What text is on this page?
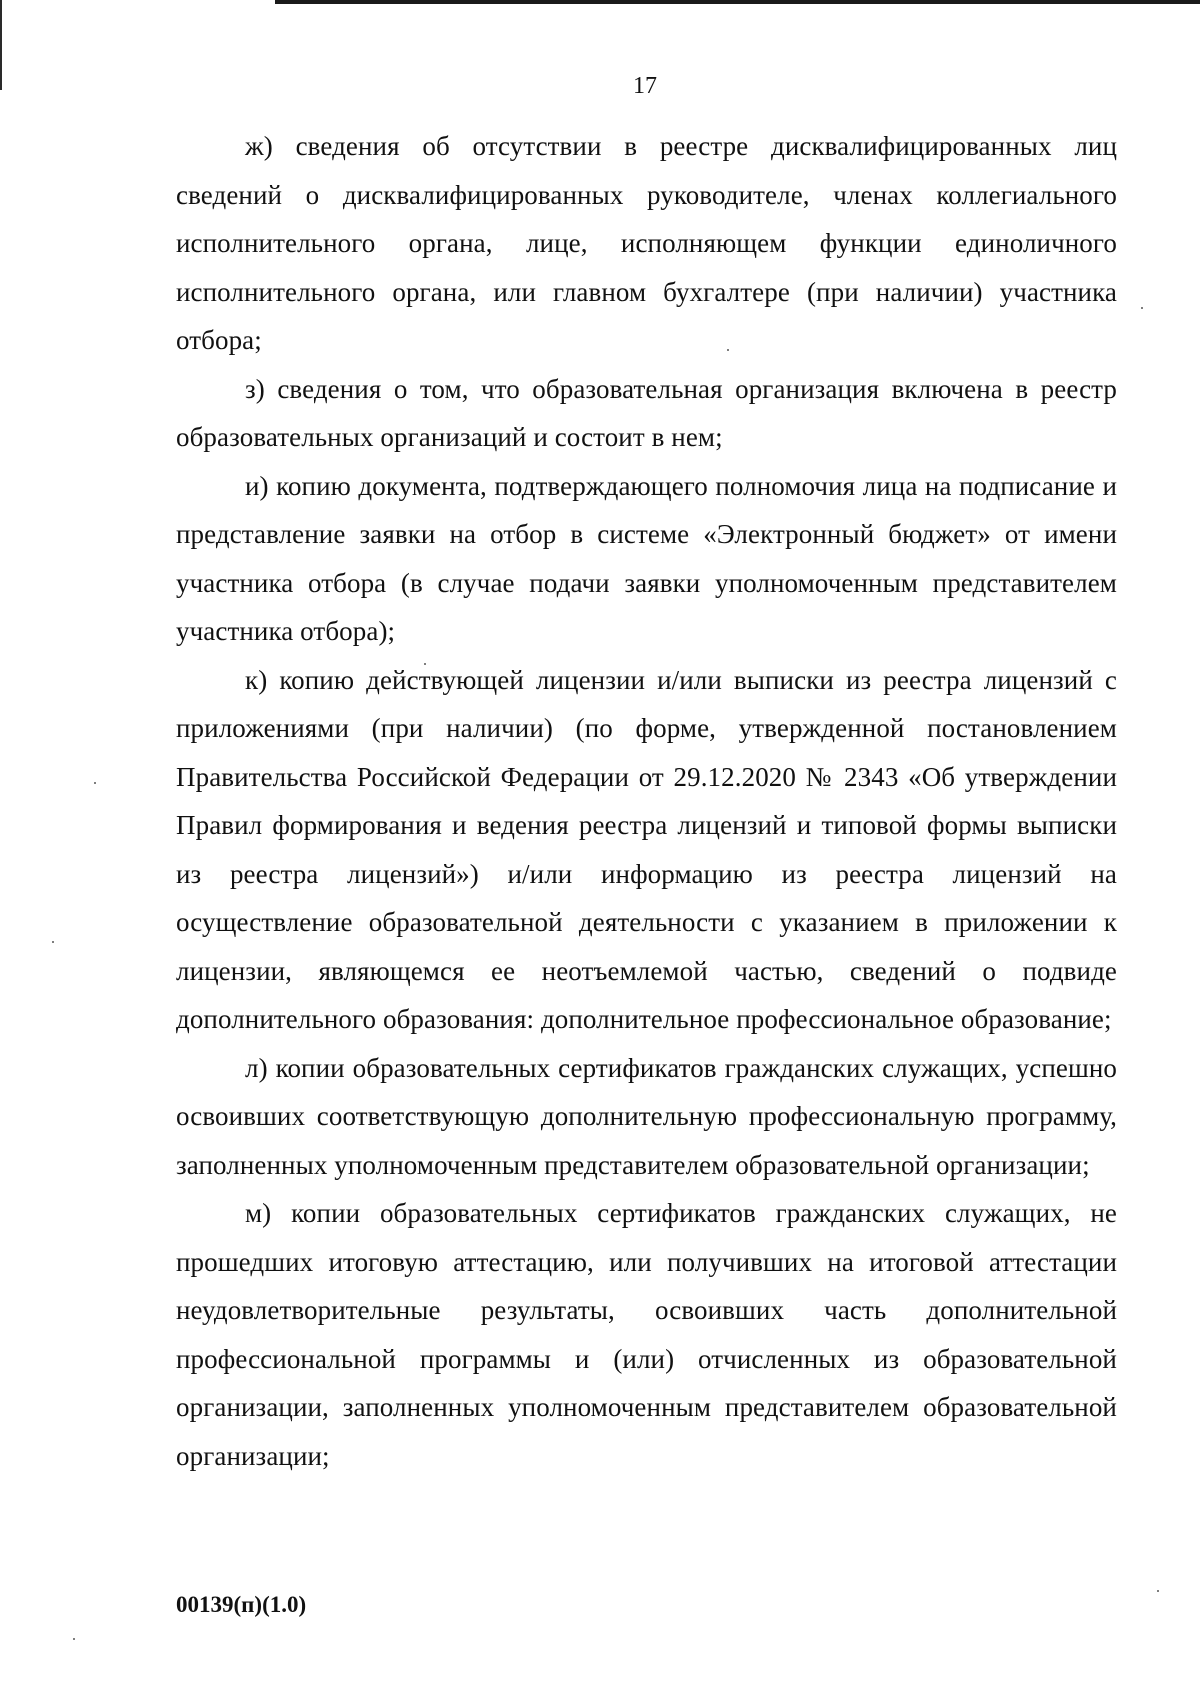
17

ж) сведения об отсутствии в реестре дисквалифицированных лиц сведений о дисквалифицированных руководителе, членах коллегиального исполнительного органа, лице, исполняющем функции единоличного исполнительного органа, или главном бухгалтере (при наличии) участника отбора;

з) сведения о том, что образовательная организация включена в реестр образовательных организаций и состоит в нем;

и) копию документа, подтверждающего полномочия лица на подписание и представление заявки на отбор в системе «Электронный бюджет» от имени участника отбора (в случае подачи заявки уполномоченным представителем участника отбора);

к) копию действующей лицензии и/или выписки из реестра лицензий с приложениями (при наличии) (по форме, утвержденной постановлением Правительства Российской Федерации от 29.12.2020 № 2343 «Об утверждении Правил формирования и ведения реестра лицензий и типовой формы выписки из реестра лицензий») и/или информацию из реестра лицензий на осуществление образовательной деятельности с указанием в приложении к лицензии, являющемся ее неотъемлемой частью, сведений о подвиде дополнительного образования: дополнительное профессиональное образование;

л) копии образовательных сертификатов гражданских служащих, успешно освоивших соответствующую дополнительную профессиональную программу, заполненных уполномоченным представителем образовательной организации;

м) копии образовательных сертификатов гражданских служащих, не прошедших итоговую аттестацию, или получивших на итоговой аттестации неудовлетворительные результаты, освоивших часть дополнительной профессиональной программы и (или) отчисленных из образовательной организации, заполненных уполномоченным представителем образовательной организации;

00139(п)(1.0)
